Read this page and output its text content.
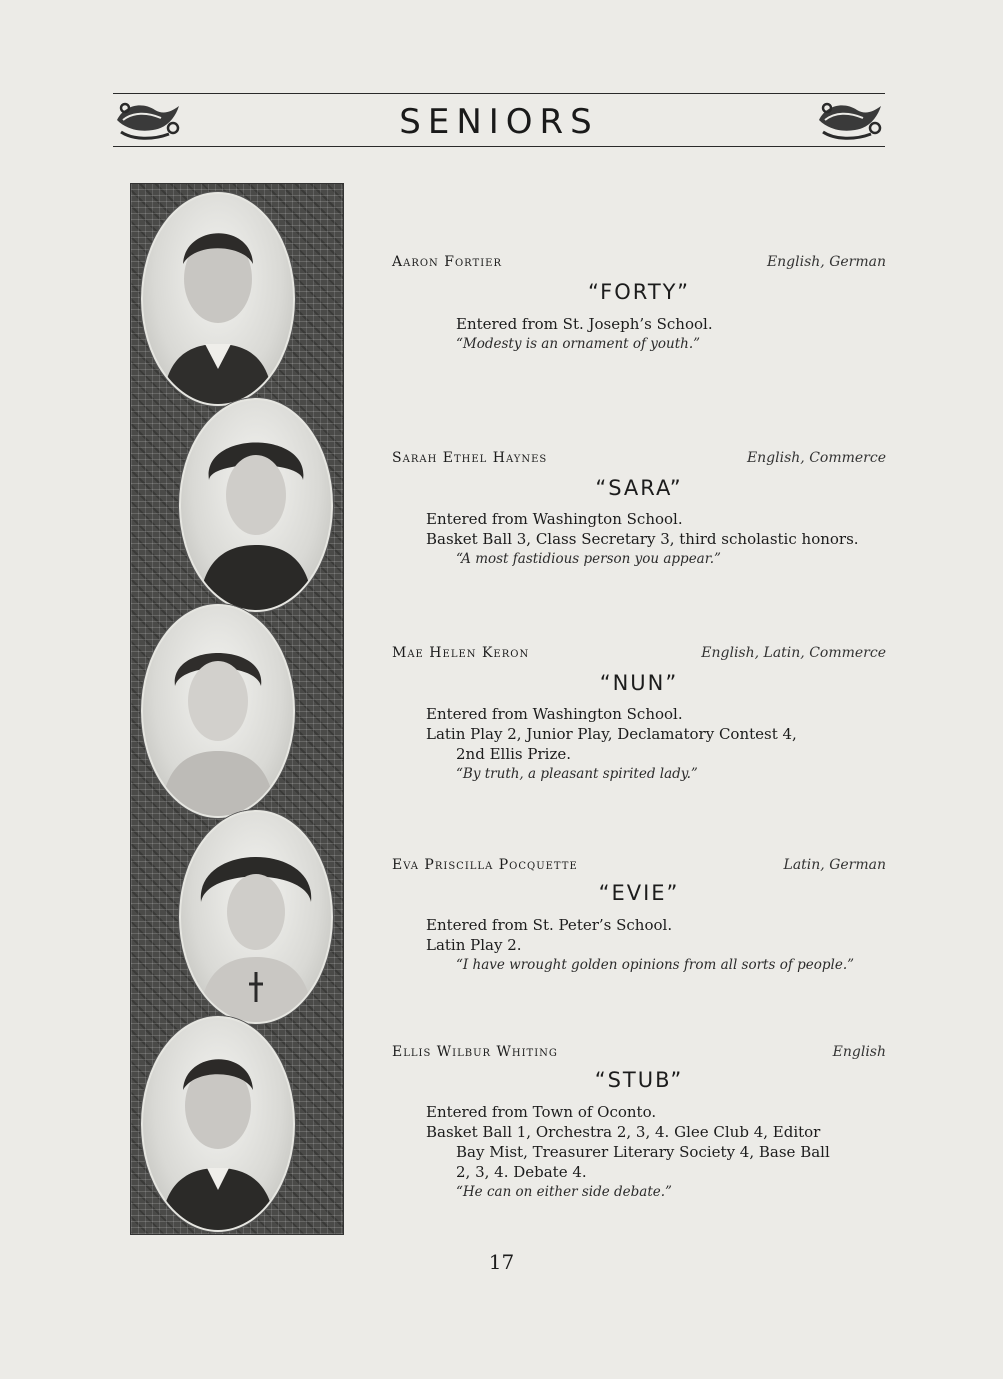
SENIORS
Aaron Fortier	English, German
“FORTY”
Entered from St. Joseph’s School.
“Modesty is an ornament of youth.”
Sarah Ethel Haynes	English, Commerce
“SARA”
Entered from Washington School.
Basket Ball 3, Class Secretary 3, third scholastic honors.
“A most fastidious person you appear.”
Mae Helen Keron	English, Latin, Commerce
“NUN”
Entered from Washington School.
Latin Play 2, Junior Play, Declamatory Contest 4,
2nd Ellis Prize.
“By truth, a pleasant spirited lady.”
Eva Priscilla Pocquette	Latin, German
“EVIE”
Entered from St. Peter’s School.
Latin Play 2.
“I have wrought golden opinions from all sorts of people.”
Ellis Wilbur Whiting	English
“STUB”
Entered from Town of Oconto.
Basket Ball 1, Orchestra 2, 3, 4. Glee Club 4, Editor
Bay Mist, Treasurer Literary Society 4, Base Ball
2, 3, 4. Debate 4.
“He can on either side debate.”
17
